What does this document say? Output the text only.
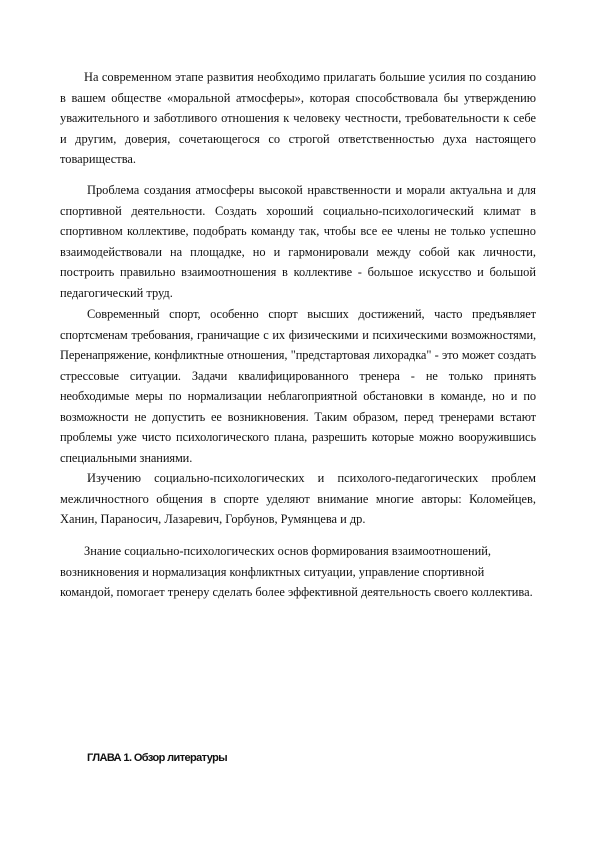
На современном этапе развития необходимо прилагать большие усилия по созданию в вашем обществе «моральной атмосферы», которая способствовала бы утверждению уважительного и заботливого отношения к человеку честности, требовательности к себе и другим, доверия, сочетающегося со строгой ответственностью духа настоящего товарищества.

Проблема создания атмосферы высокой нравственности и морали актуальна и для спортивной деятельности. Создать хороший социально-психологический климат в спортивном коллективе, подобрать команду так, чтобы все ее члены не только успешно взаимодействовали на площадке, но и гармонировали между собой как личности, построить правильно взаимоотношения в коллективе - большое искусство и большой педагогический труд.

Современный спорт, особенно спорт высших достижений, часто предъявляет спортсменам требования, граничащие с их физическими и психическими возможностями, Перенапряжение, конфликтные отношения, "предстартовая лихорадка" - это может создать стрессовые ситуации. Задачи квалифицированного тренера - не только принять необходимые меры по нормализации неблагоприятной обстановки в команде, но и по возможности не допустить ее возникновения. Таким образом, перед тренерами встают проблемы уже чисто психологического плана, разрешить которые можно вооружившись специальными знаниями.

Изучению социально-психологических и психолого-педагогических проблем межличностного общения в спорте уделяют внимание многие авторы: Коломейцев, Ханин, Параносич, Лазаревич, Горбунов, Румянцева и др.

Знание социально-психологических основ формирования взаимоотношений, возникновения и нормализация конфликтных ситуации, управление спортивной командой, помогает тренеру сделать более эффективной деятельность своего коллектива.

ГЛАВА 1. Обзор литературы
